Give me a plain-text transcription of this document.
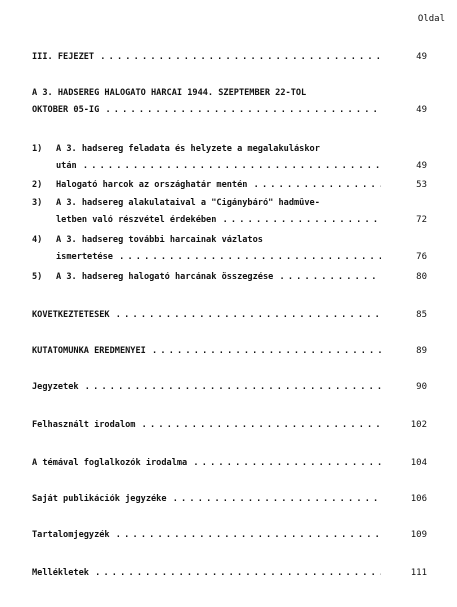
Oldal
III. FEJEZET . . .	49
A 3. HADSEREG HALOGATÓ HARCAI 1944. SZEPTEMBER 22-TŐL
OKTÓBER 05-IG . . .	49
1)	A 3. hadsereg feladata és helyzete a megalakuláskor
után . . .	49
2)	Halogató harcok az országhatár mentén . . .	53
3)	A 3. hadsereg alakulataival a "Cigánybáró" hadmûve-
letben való részvétel érdekében . . .	72
4)	A 3. hadsereg további harcainak vázlatos
ismertetése . . .	76
5)	A 3. hadsereg halogató harcának összegzése . . .	80
KÖVETKEZTETÉSEK . . .	85
KUTATÓMUNKA EREDMÉNYEI . . .	89
Jegyzetek . . .	90
Felhasznált irodalom . . .	102
A témával foglalkozók irodalma . . .	104
Saját publikációk jegyzéke . . .	106
Tartalomjegyzék . . .	109
Mellékletek . . .	111
